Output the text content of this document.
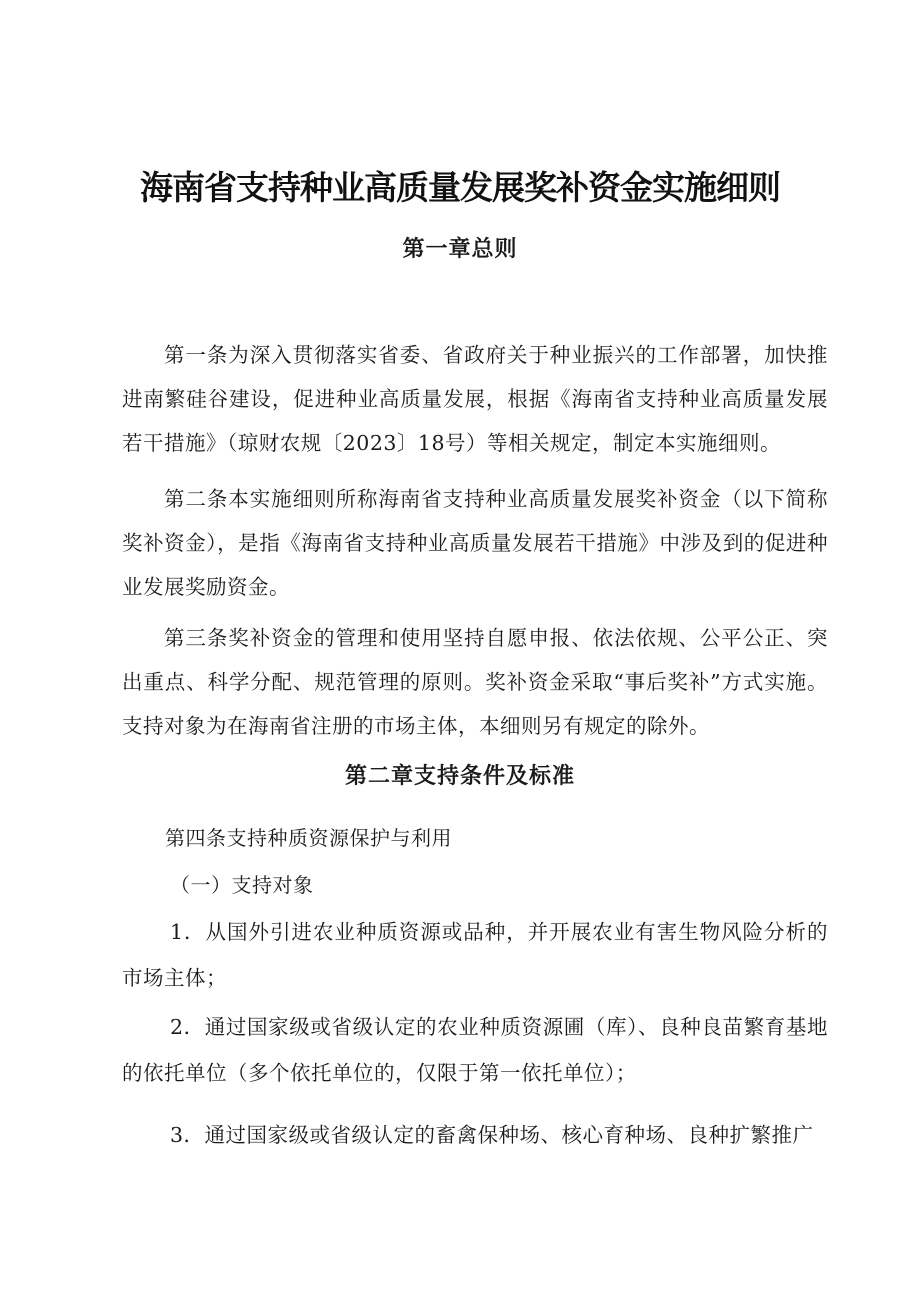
海南省支持种业高质量发展奖补资金实施细则
第一章总则

第一条为深入贯彻落实省委、省政府关于种业振兴的工作部署，加快推进南繁硅谷建设，促进种业高质量发展，根据《海南省支持种业高质量发展若干措施》（琼财农规〔2023〕18号）等相关规定，制定本实施细则。

第二条本实施细则所称海南省支持种业高质量发展奖补资金（以下简称奖补资金），是指《海南省支持种业高质量发展若干措施》中涉及到的促进种业发展奖励资金。

第三条奖补资金的管理和使用坚持自愿申报、依法依规、公平公正、突出重点、科学分配、规范管理的原则。奖补资金采取“事后奖补”方式实施。支持对象为在海南省注册的市场主体，本细则另有规定的除外。

第二章支持条件及标准

第四条支持种质资源保护与利用

（一）支持对象

1．从国外引进农业种质资源或品种，并开展农业有害生物风险分析的市场主体；

2．通过国家级或省级认定的农业种质资源圃（库）、良种良苗繁育基地的依托单位（多个依托单位的，仅限于第一依托单位）；

3．通过国家级或省级认定的畜禽保种场、核心育种场、良种扩繁推广
